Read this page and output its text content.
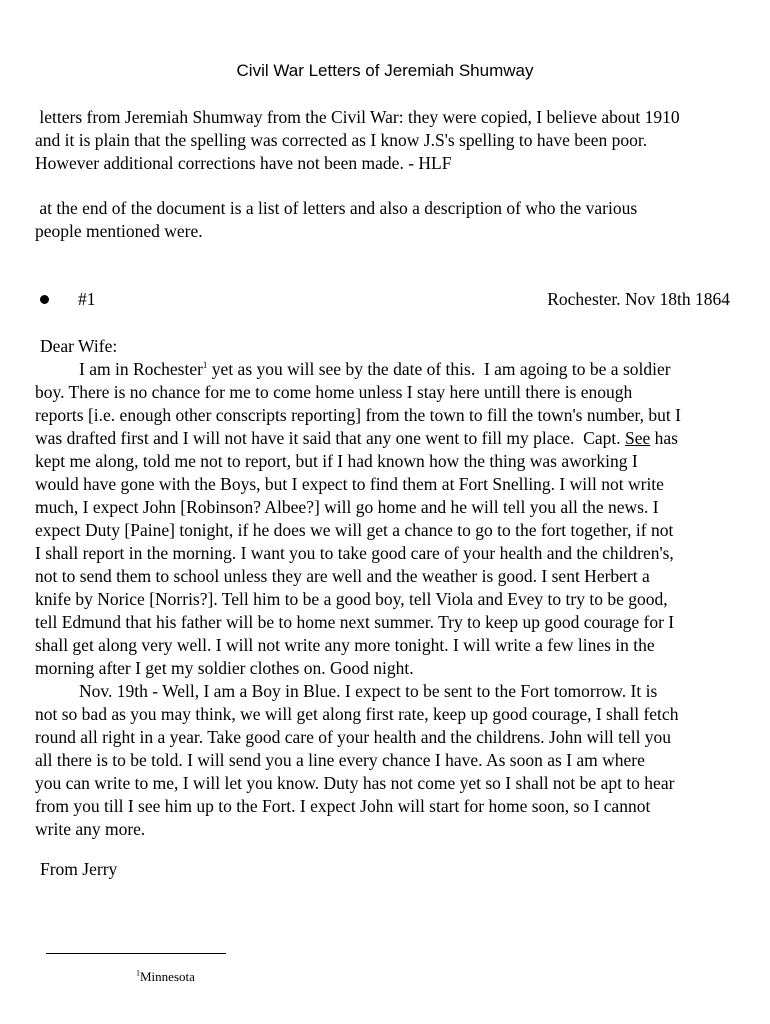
Civil War Letters of Jeremiah Shumway
letters from Jeremiah Shumway from the Civil War: they were copied, I believe about 1910
and it is plain that the spelling was corrected as I know J.S's spelling to have been poor.
However additional corrections have not been made. - HLF
at the end of the document is a list of letters and also a description of who the various
people mentioned were.
#1	Rochester. Nov 18th 1864

Dear Wife:

I am in Rochester$^1$ yet as you will see by the date of this.  I am agoing to be a soldier

boy. There is no chance for me to come home unless I stay here untill there is enough

reports [i.e. enough other conscripts reporting] from the town to fill the town's number, but I

was drafted first and I will not have it said that any one went to fill my place.  Capt. See has

kept me along, told me not to report, but if I had known how the thing was aworking I

would have gone with the Boys, but I expect to find them at Fort Snelling. I will not write

much, I expect John [Robinson? Albee?] will go home and he will tell you all the news. I

expect Duty [Paine] tonight, if he does we will get a chance to go to the fort together, if not

I shall report in the morning. I want you to take good care of your health and the children's,

not to send them to school unless they are well and the weather is good. I sent Herbert a

knife by Norice [Norris?]. Tell him to be a good boy, tell Viola and Evey to try to be good,

tell Edmund that his father will be to home next summer. Try to keep up good courage for I

shall get along very well. I will not write any more tonight. I will write a few lines in the

morning after I get my soldier clothes on. Good night.

Nov. 19th - Well, I am a Boy in Blue. I expect to be sent to the Fort tomorrow. It is

not so bad as you may think, we will get along first rate, keep up good courage, I shall fetch

round all right in a year. Take good care of your health and the childrens. John will tell you

all there is to be told. I will send you a line every chance I have. As soon as I am where

you can write to me, I will let you know. Duty has not come yet so I shall not be apt to hear

from you till I see him up to the Fort. I expect John will start for home soon, so I cannot

write any more.

From Jerry
$^1$Minnesota
